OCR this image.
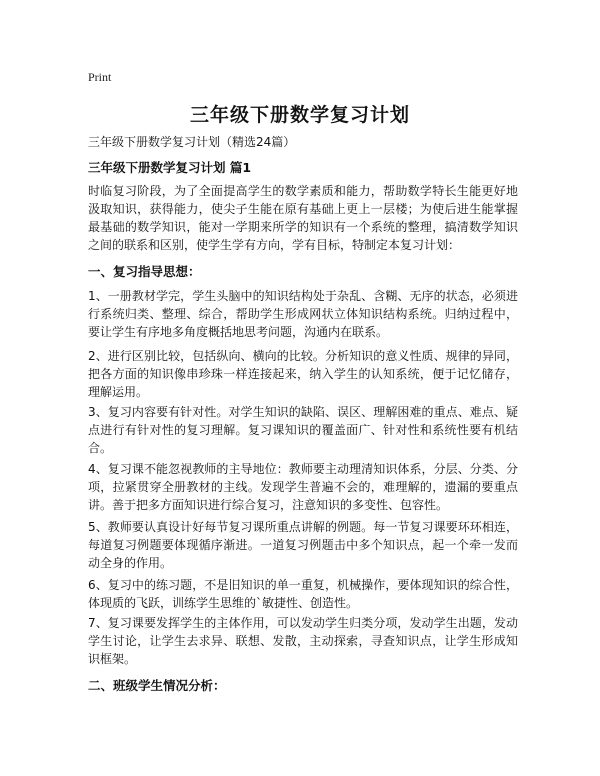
Print
三年级下册数学复习计划
三年级下册数学复习计划（精选24篇）
三年级下册数学复习计划 篇1
时临复习阶段，为了全面提高学生的数学素质和能力，帮助数学特长生能更好地汲取知识，获得能力，使尖子生能在原有基础上更上一层楼；为使后进生能掌握最基础的数学知识，能对一学期来所学的知识有一个系统的整理，搞清数学知识之间的联系和区别，使学生学有方向，学有目标，特制定本复习计划：
一、复习指导思想：
1、一册教材学完，学生头脑中的知识结构处于杂乱、含糊、无序的状态，必须进行系统归类、整理、综合，帮助学生形成网状立体知识结构系统。归纳过程中，要让学生有序地多角度概括地思考问题，沟通内在联系。
2、进行区别比较，包括纵向、横向的比较。分析知识的意义性质、规律的异同，把各方面的知识像串珍珠一样连接起来，纳入学生的认知系统，便于记忆储存，理解运用。
3、复习内容要有针对性。对学生知识的缺陷、误区、理解困难的重点、难点、疑点进行有针对性的复习理解。复习课知识的覆盖面广、针对性和系统性要有机结合。
4、复习课不能忽视教师的主导地位：教师要主动理清知识体系，分层、分类、分项，拉紧贯穿全册教材的主线。发现学生普遍不会的，难理解的，遗漏的要重点讲。善于把多方面知识进行综合复习，注意知识的多变性、包容性。
5、教师要认真设计好每节复习课所重点讲解的例题。每一节复习课要环环相连，每道复习例题要体现循序渐进。一道复习例题击中多个知识点，起一个牵一发而动全身的作用。
6、复习中的练习题，不是旧知识的单一重复，机械操作，要体现知识的综合性，体现质的飞跃，训练学生思维的`敏捷性、创造性。
7、复习课要发挥学生的主体作用，可以发动学生归类分项，发动学生出题，发动学生讨论，让学生去求异、联想、发散，主动探索，寻查知识点，让学生形成知识框架。
二、班级学生情况分析：
